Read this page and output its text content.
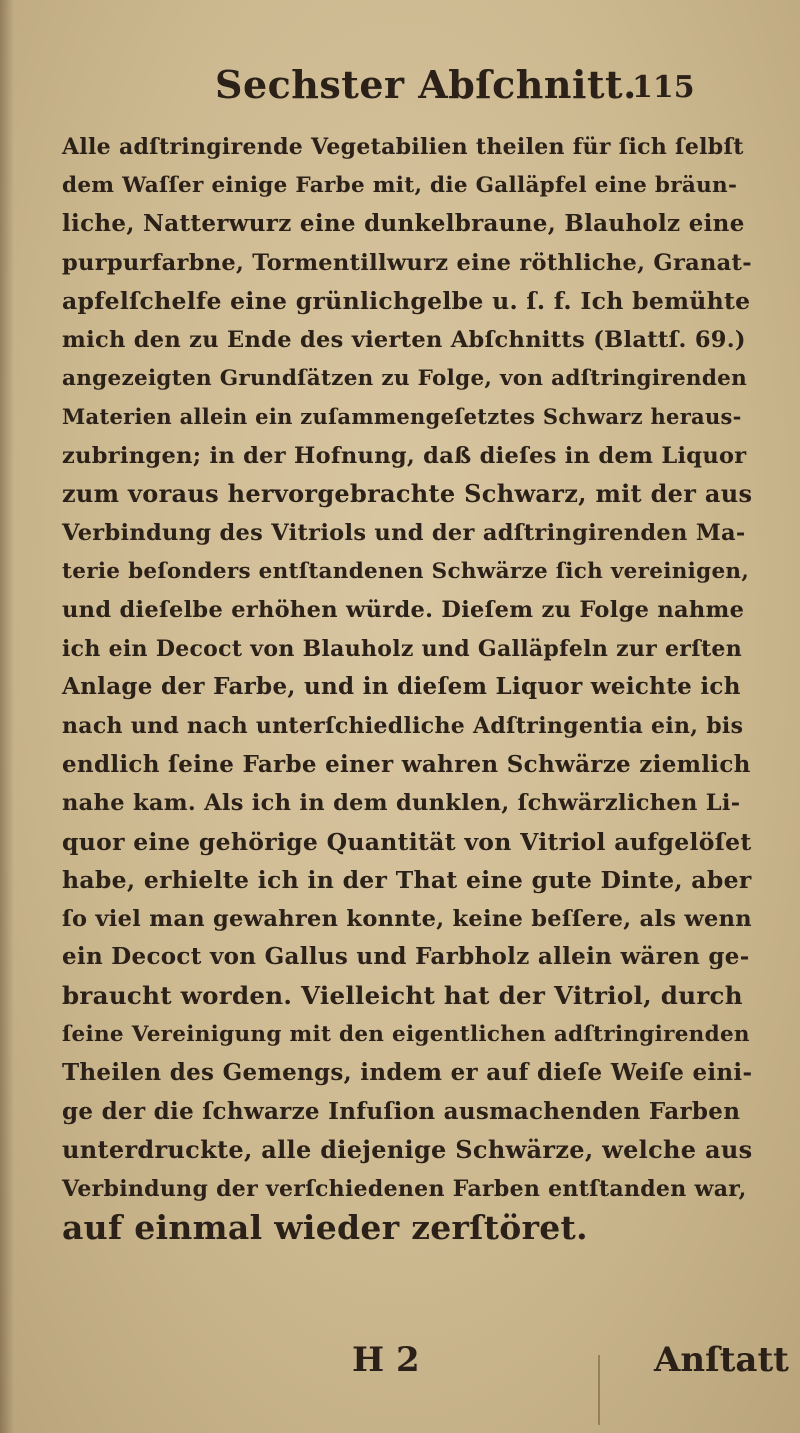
Sechster Abſchnitt.
115
Alle adſtringirende Vegetabilien theilen für ſich ſelbſt
dem Waſſer einige Farbe mit, die Galläpfel eine bräun-
liche, Natterwurz eine dunkelbraune, Blauholz eine
purpurfarbne, Tormentillwurz eine röthliche, Granat-
apfelſchelfe eine grünlichgelbe u. ſ. f. Ich bemühte
mich den zu Ende des vierten Abſchnitts (Blattſ. 69.)
angezeigten Grundſätzen zu Folge, von adſtringirenden
Materien allein ein zuſammengeſetztes Schwarz heraus-
zubringen; in der Hofnung, daß dieſes in dem Liquor
zum voraus hervorgebrachte Schwarz, mit der aus
Verbindung des Vitriols und der adſtringirenden Ma-
terie beſonders entſtandenen Schwärze ſich vereinigen,
und dieſelbe erhöhen würde. Dieſem zu Folge nahme
ich ein Decoct von Blauholz und Galläpfeln zur erſten
Anlage der Farbe, und in dieſem Liquor weichte ich
nach und nach unterſchiedliche Adſtringentia ein, bis
endlich ſeine Farbe einer wahren Schwärze ziemlich
nahe kam. Als ich in dem dunklen, ſchwärzlichen Li-
quor eine gehörige Quantität von Vitriol aufgelöſet
habe, erhielte ich in der That eine gute Dinte, aber
ſo viel man gewahren konnte, keine beſſere, als wenn
ein Decoct von Gallus und Farbholz allein wären ge-
braucht worden. Vielleicht hat der Vitriol, durch
ſeine Vereinigung mit den eigentlichen adſtringirenden
Theilen des Gemengs, indem er auf dieſe Weiſe eini-
ge der die ſchwarze Infuſion ausmachenden Farben
unterdruckte, alle diejenige Schwärze, welche aus
Verbindung der verſchiedenen Farben entſtanden war,
auf einmal wieder zerſtöret.
H 2	Anſtatt
